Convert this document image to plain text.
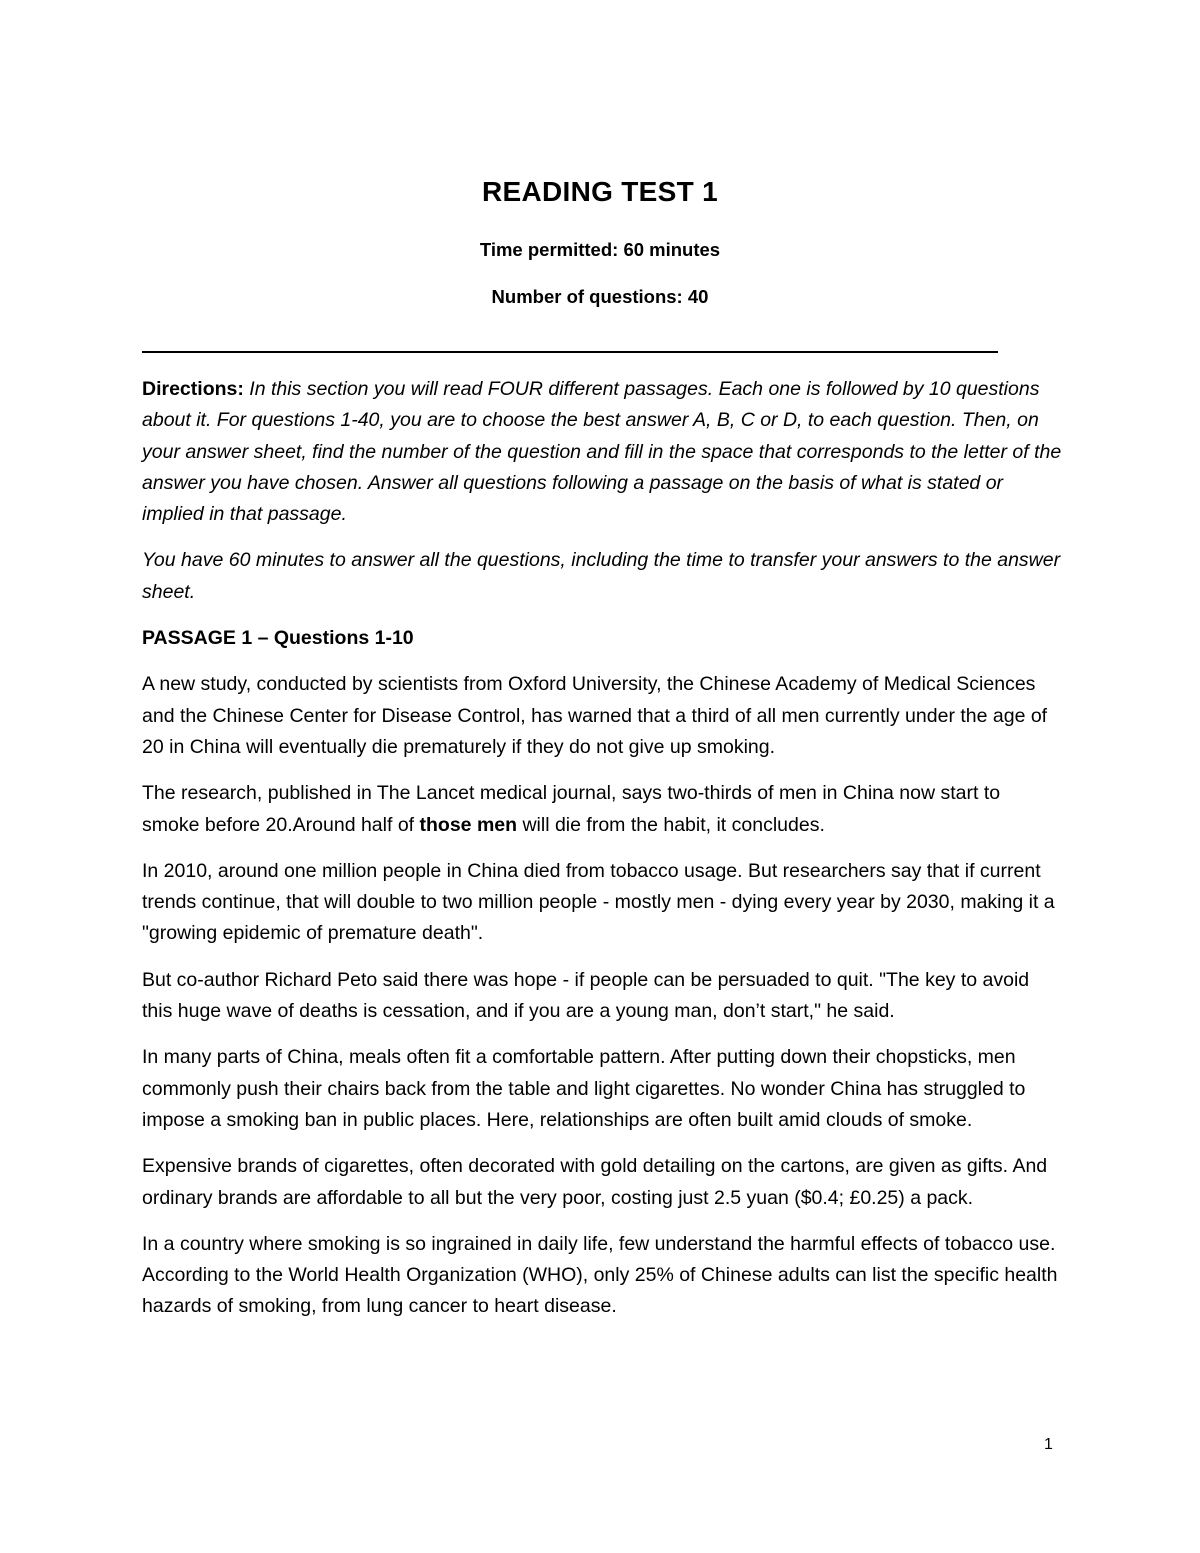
READING TEST 1
Time permitted: 60 minutes
Number of questions: 40

Directions: In this section you will read FOUR different passages. Each one is followed by 10 questions about it. For questions 1-40, you are to choose the best answer A, B, C or D, to each question. Then, on your answer sheet, find the number of the question and fill in the space that corresponds to the letter of the answer you have chosen. Answer all questions following a passage on the basis of what is stated or implied in that passage.

You have 60 minutes to answer all the questions, including the time to transfer your answers to the answer sheet.

PASSAGE 1 – Questions 1-10

A new study, conducted by scientists from Oxford University, the Chinese Academy of Medical Sciences and the Chinese Center for Disease Control, has warned that a third of all men currently under the age of 20 in China will eventually die prematurely if they do not give up smoking.

The research, published in The Lancet medical journal, says two-thirds of men in China now start to smoke before 20.Around half of those men will die from the habit, it concludes.

In 2010, around one million people in China died from tobacco usage. But researchers say that if current trends continue, that will double to two million people - mostly men - dying every year by 2030, making it a "growing epidemic of premature death".

But co-author Richard Peto said there was hope - if people can be persuaded to quit. "The key to avoid this huge wave of deaths is cessation, and if you are a young man, don’t start," he said.

In many parts of China, meals often fit a comfortable pattern. After putting down their chopsticks, men commonly push their chairs back from the table and light cigarettes. No wonder China has struggled to impose a smoking ban in public places. Here, relationships are often built amid clouds of smoke.

Expensive brands of cigarettes, often decorated with gold detailing on the cartons, are given as gifts. And ordinary brands are affordable to all but the very poor, costing just 2.5 yuan ($0.4; £0.25) a pack.

In a country where smoking is so ingrained in daily life, few understand the harmful effects of tobacco use. According to the World Health Organization (WHO), only 25% of Chinese adults can list the specific health hazards of smoking, from lung cancer to heart disease.

1
